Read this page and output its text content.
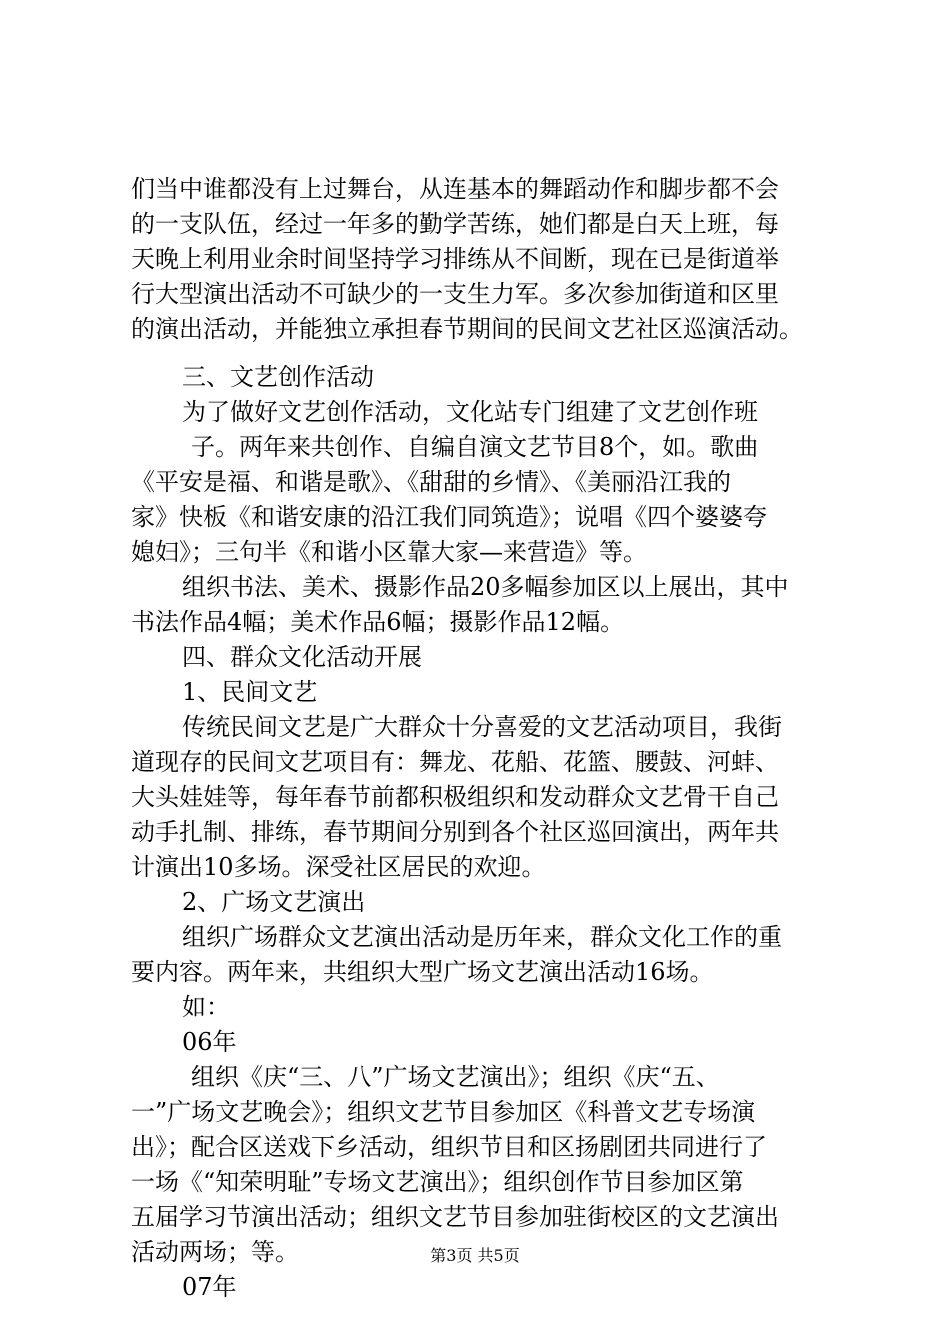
们当中谁都没有上过舞台，从连基本的舞蹈动作和脚步都不会
的一支队伍，经过一年多的勤学苦练，她们都是白天上班，每
天晚上利用业余时间坚持学习排练从不间断，现在已是街道举
行大型演出活动不可缺少的一支生力军。多次参加街道和区里
的演出活动，并能独立承担春节期间的民间文艺社区巡演活动。
三、文艺创作活动
为了做好文艺创作活动，文化站专门组建了文艺创作班
子。两年来共创作、自编自演文艺节目8个，如。歌曲
《平安是福、和谐是歌》、《甜甜的乡情》、《美丽沿江我的
家》快板《和谐安康的沿江我们同筑造》；说唱《四个婆婆夸
媳妇》；三句半《和谐小区靠大家—来营造》等。
组织书法、美术、摄影作品20多幅参加区以上展出，其中
书法作品4幅；美术作品6幅；摄影作品12幅。
四、群众文化活动开展
1、民间文艺
传统民间文艺是广大群众十分喜爱的文艺活动项目，我街
道现存的民间文艺项目有：舞龙、花船、花篮、腰鼓、河蚌、
大头娃娃等，每年春节前都积极组织和发动群众文艺骨干自己
动手扎制、排练，春节期间分别到各个社区巡回演出，两年共
计演出10多场。深受社区居民的欢迎。
2、广场文艺演出
组织广场群众文艺演出活动是历年来，群众文化工作的重
要内容。两年来，共组织大型广场文艺演出活动16场。
如：
06年
组织《庆“三、八”广场文艺演出》；组织《庆“五、
一”广场文艺晚会》；组织文艺节目参加区《科普文艺专场演
出》；配合区送戏下乡活动，组织节目和区扬剧团共同进行了
一场《“知荣明耻”专场文艺演出》；组织创作节目参加区第
五届学习节演出活动；组织文艺节目参加驻街校区的文艺演出
活动两场；等。
07年
第3页 共5页
